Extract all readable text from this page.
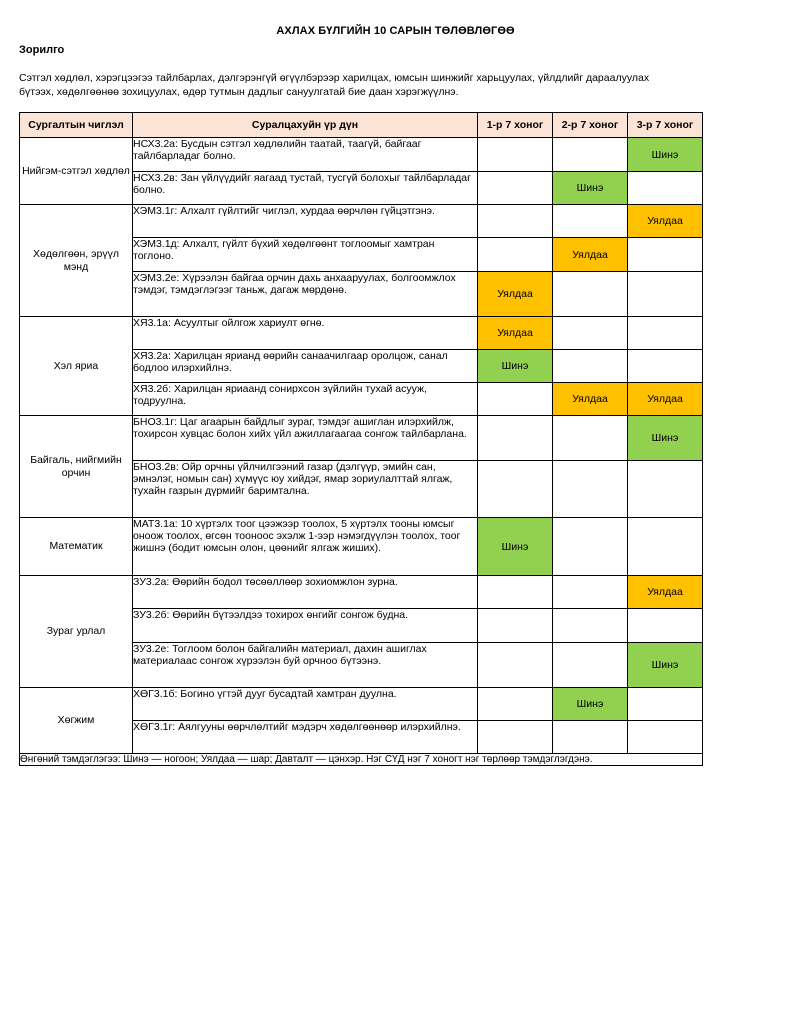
АХЛАХ БҮЛГИЙН 10 САРЫН ТӨЛӨВЛӨГӨӨ
Зорилго
Сэтгэл хөдлөл, хэрэгцээгээ тайлбарлах, дэлгэрэнгүй өгүүлбэрээр харилцах, юмсын шинжийг харьцуулах, үйлдлийг дараалуулах
бүтээх, хөдөлгөөнөө зохицуулах, өдөр тутмын дадлыг сануулгатай бие даан хэрэгжүүлнэ.
Сургалтын чиглэл	Суралцахуйн үр дүн	1-р 7 хоног	2-р 7 хоног	3-р 7 хоног
Нийгэм-сэтгэл хөдлөл	НСХ3.2а: Бусдын сэтгэл хөдлөлийн таатай, таагүй, байгааг тайлбарладаг болно.			Шинэ
	НСХ3.2в: Зан үйлүүдийг яагаад тустай, тусгүй болохыг тайлбарладаг болно.		Шинэ	
Хөдөлгөөн, эрүүл мэнд	ХЭМ3.1г: Алхалт гүйлтийг чиглэл, хурдаа өөрчлөн гүйцэтгэнэ.			Уялдаа
	ХЭМ3.1д: Алхалт, гүйлт бүхий хөдөлгөөнт тоглоомыг хамтран тоглоно.		Уялдаа	
	ХЭМ3.2е: Хүрээлэн байгаа орчин дахь анхааруулах, болгоомжлох тэмдэг, тэмдэглэгээг таньж, дагаж мөрдөнө.	Уялдаа		
Хэл яриа	ХЯ3.1а: Асуултыг ойлгож хариулт өгнө.	Уялдаа		
	ХЯ3.2а: Харилцан ярианд өөрийн санаачилгаар оролцож, санал бодлоо илэрхийлнэ.	Шинэ		
	ХЯ3.2б: Харилцан яриаанд сонирхсон зүйлийн тухай асууж, тодруулна.		Уялдаа	Уялдаа
Байгаль, нийгмийн орчин	БНО3.1г: Цаг агаарын байдлыг зураг, тэмдэг ашиглан илэрхийлж, тохирсон хувцас болон хийх үйл ажиллагаагаа сонгож тайлбарлана.			Шинэ
	БНО3.2в: Ойр орчны үйлчилгээний газар (дэлгүүр, эмийн сан, эмнэлэг, номын сан) хүмүүс юу хийдэг, ямар зориулалттай ялгаж, тухайн газрын дүрмийг баримтална.			
Математик	МАТ3.1а: 10 хүртэлх тоог цээжээр тоолох, 5 хүртэлх тооны юмсыг оноож тоолох, өгсөн тооноос эхэлж 1-ээр нэмэгдүүлэн тоолох, тоог жишнэ (бодит юмсын олон, цөөнийг ялгаж жиших).	Шинэ		
Зураг урлал	ЗУ3.2а: Өөрийн бодол төсөөллөөр зохиомжлон зурна.			Уялдаа
	ЗУ3.2б: Өөрийн бүтээлдээ тохирох өнгийг сонгож будна.			
	ЗУ3.2е: Тоглоом болон байгалийн материал, дахин ашиглах материалаас сонгож хүрээлэн буй орчноо бүтээнэ.			Шинэ
Хөгжим	ХӨГ3.1б: Богино үгтэй дууг бусадтай хамтран дуулна.		Шинэ	
	ХӨГ3.1г: Аялгууны өөрчлөлтийг мэдэрч хөдөлгөөнөөр илэрхийлнэ.			
Өнгөний тэмдэглэгээ: Шинэ — ногоон; Уялдаа — шар; Давталт — цэнхэр. Нэг СҮД нэг 7 хоногт нэг төрлөөр тэмдэглэгдэнэ.				
